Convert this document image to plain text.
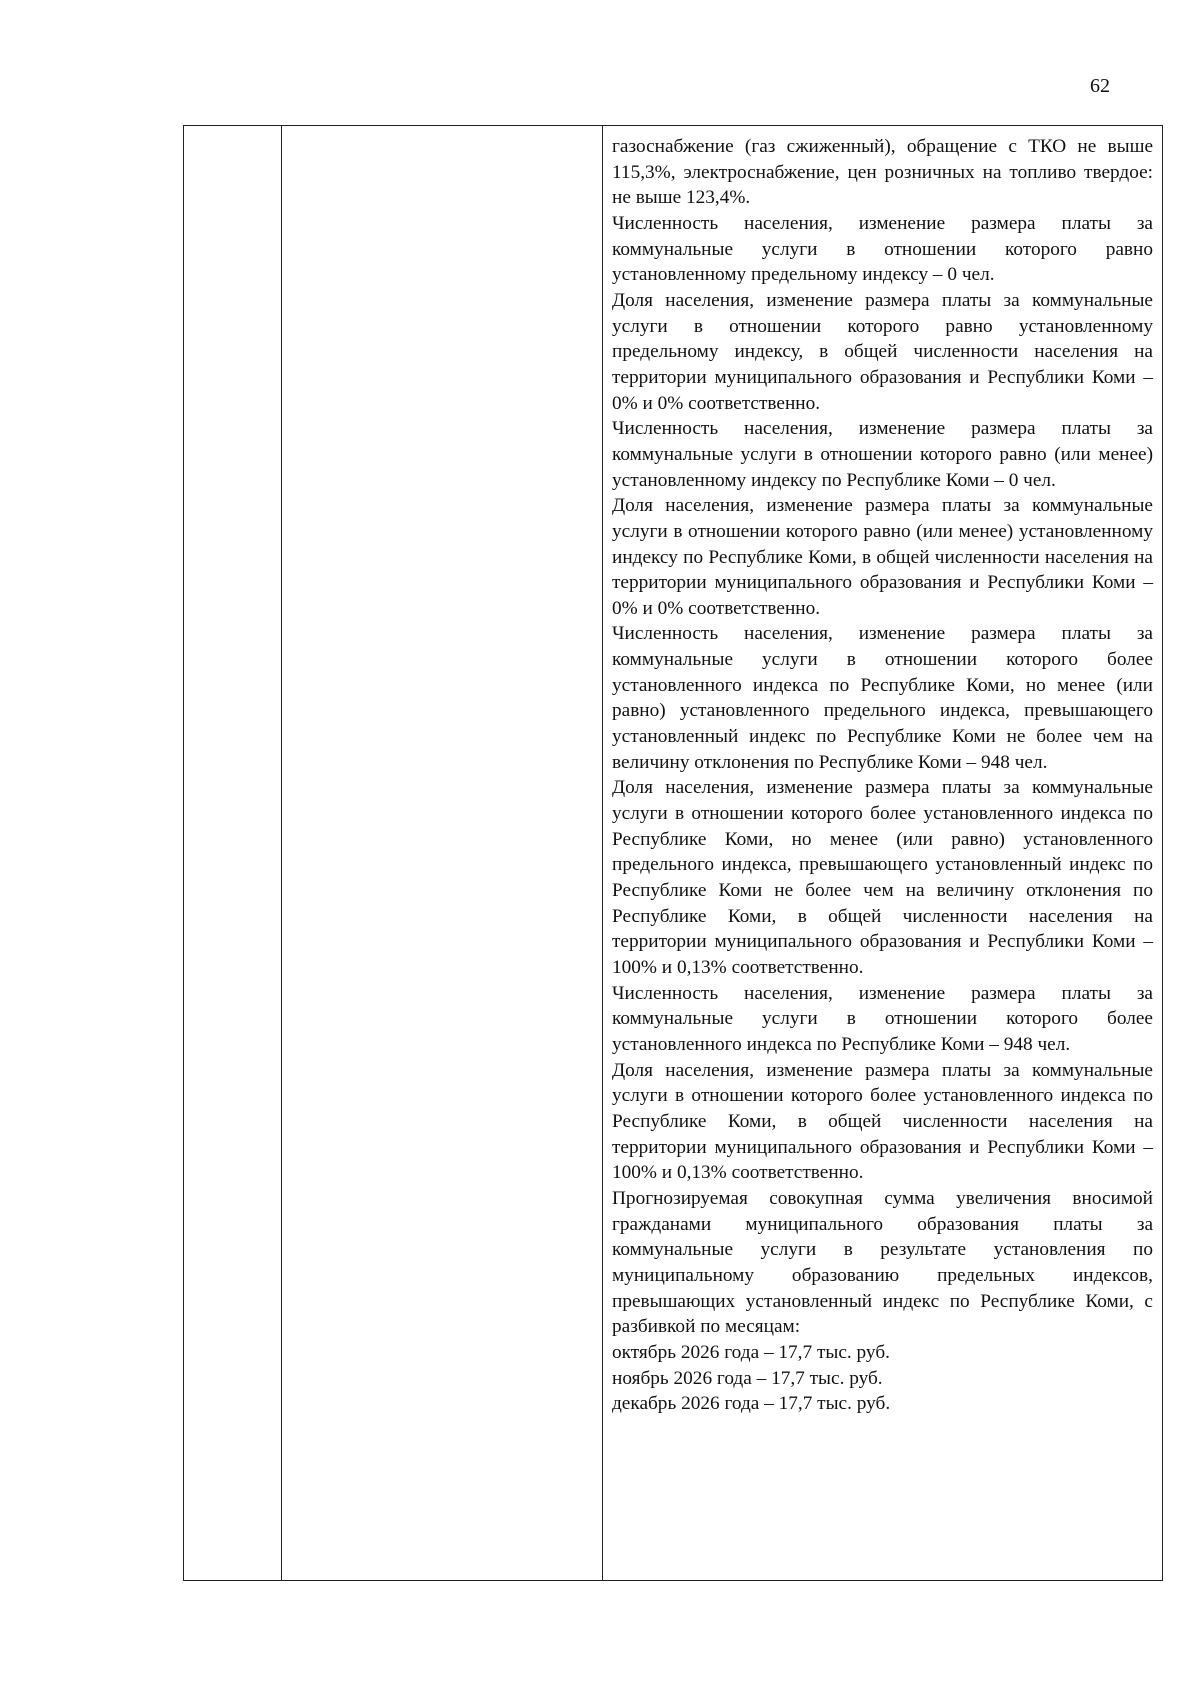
62

газоснабжение (газ сжиженный), обращение с ТКО не выше 115,3%, электроснабжение, цен розничных на топливо твердое: не выше 123,4%.

Численность населения, изменение размера платы за коммунальные услуги в отношении которого равно установленному предельному индексу – 0 чел.

Доля населения, изменение размера платы за коммунальные услуги в отношении которого равно установленному предельному индексу, в общей численности населения на территории муниципального образования и Республики Коми – 0% и 0% соответственно.

Численность населения, изменение размера платы за коммунальные услуги в отношении которого равно (или менее) установленному индексу по Республике Коми – 0 чел.

Доля населения, изменение размера платы за коммунальные услуги в отношении которого равно (или менее) установленному индексу по Республике Коми, в общей численности населения на территории муниципального образования и Республики Коми – 0% и 0% соответственно.

Численность населения, изменение размера платы за коммунальные услуги в отношении которого более установленного индекса по Республике Коми, но менее (или равно) установленного предельного индекса, превышающего установленный индекс по Республике Коми не более чем на величину отклонения по Республике Коми – 948 чел.

Доля населения, изменение размера платы за коммунальные услуги в отношении которого более установленного индекса по Республике Коми, но менее (или равно) установленного предельного индекса, превышающего установленный индекс по Республике Коми не более чем на величину отклонения по Республике Коми, в общей численности населения на территории муниципального образования и Республики Коми – 100% и 0,13% соответственно.

Численность населения, изменение размера платы за коммунальные услуги в отношении которого более установленного индекса по Республике Коми – 948 чел.

Доля населения, изменение размера платы за коммунальные услуги в отношении которого более установленного индекса по Республике Коми, в общей численности населения на территории муниципального образования и Республики Коми – 100% и 0,13% соответственно.

Прогнозируемая совокупная сумма увеличения вносимой гражданами муниципального образования платы за коммунальные услуги в результате установления по муниципальному образованию предельных индексов, превышающих установленный индекс по Республике Коми, с разбивкой по месяцам:

октябрь 2026 года – 17,7 тыс. руб.

ноябрь 2026 года – 17,7 тыс. руб.

декабрь 2026 года – 17,7 тыс. руб.
